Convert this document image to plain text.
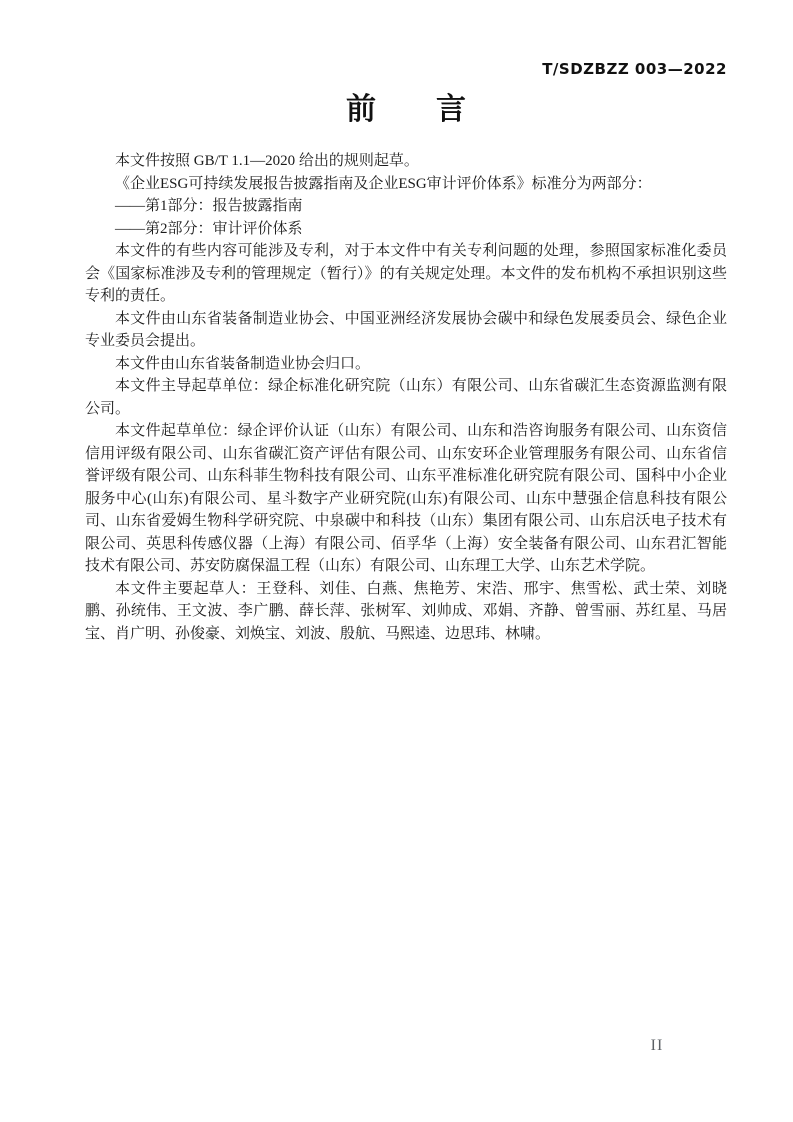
T/SDZBZZ 003—2022
前　　言

本文件按照 GB/T 1.1—2020 给出的规则起草。

《企业ESG可持续发展报告披露指南及企业ESG审计评价体系》标准分为两部分：

——第1部分：报告披露指南

——第2部分：审计评价体系

本文件的有些内容可能涉及专利，对于本文件中有关专利问题的处理，参照国家标准化委员会《国家标准涉及专利的管理规定（暂行）》的有关规定处理。本文件的发布机构不承担识别这些专利的责任。

本文件由山东省装备制造业协会、中国亚洲经济发展协会碳中和绿色发展委员会、绿色企业专业委员会提出。

本文件由山东省装备制造业协会归口。

本文件主导起草单位：绿企标准化研究院（山东）有限公司、山东省碳汇生态资源监测有限公司。

本文件起草单位：绿企评价认证（山东）有限公司、山东和浩咨询服务有限公司、山东资信信用评级有限公司、山东省碳汇资产评估有限公司、山东安环企业管理服务有限公司、山东省信誉评级有限公司、山东科菲生物科技有限公司、山东平准标准化研究院有限公司、国科中小企业服务中心(山东)有限公司、星斗数字产业研究院(山东)有限公司、山东中慧强企信息科技有限公司、山东省爱姆生物科学研究院、中泉碳中和科技（山东）集团有限公司、山东启沃电子技术有限公司、英思科传感仪器（上海）有限公司、佰孚华（上海）安全装备有限公司、山东君汇智能技术有限公司、苏安防腐保温工程（山东）有限公司、山东理工大学、山东艺术学院。

本文件主要起草人：王登科、刘佳、白燕、焦艳芳、宋浩、邢宇、焦雪松、武士荣、刘晓鹏、孙统伟、王文波、李广鹏、薛长萍、张树军、刘帅成、邓娟、齐静、曾雪丽、苏红星、马居宝、肖广明、孙俊豪、刘焕宝、刘波、殷航、马熙逵、边思玮、林啸。

II
